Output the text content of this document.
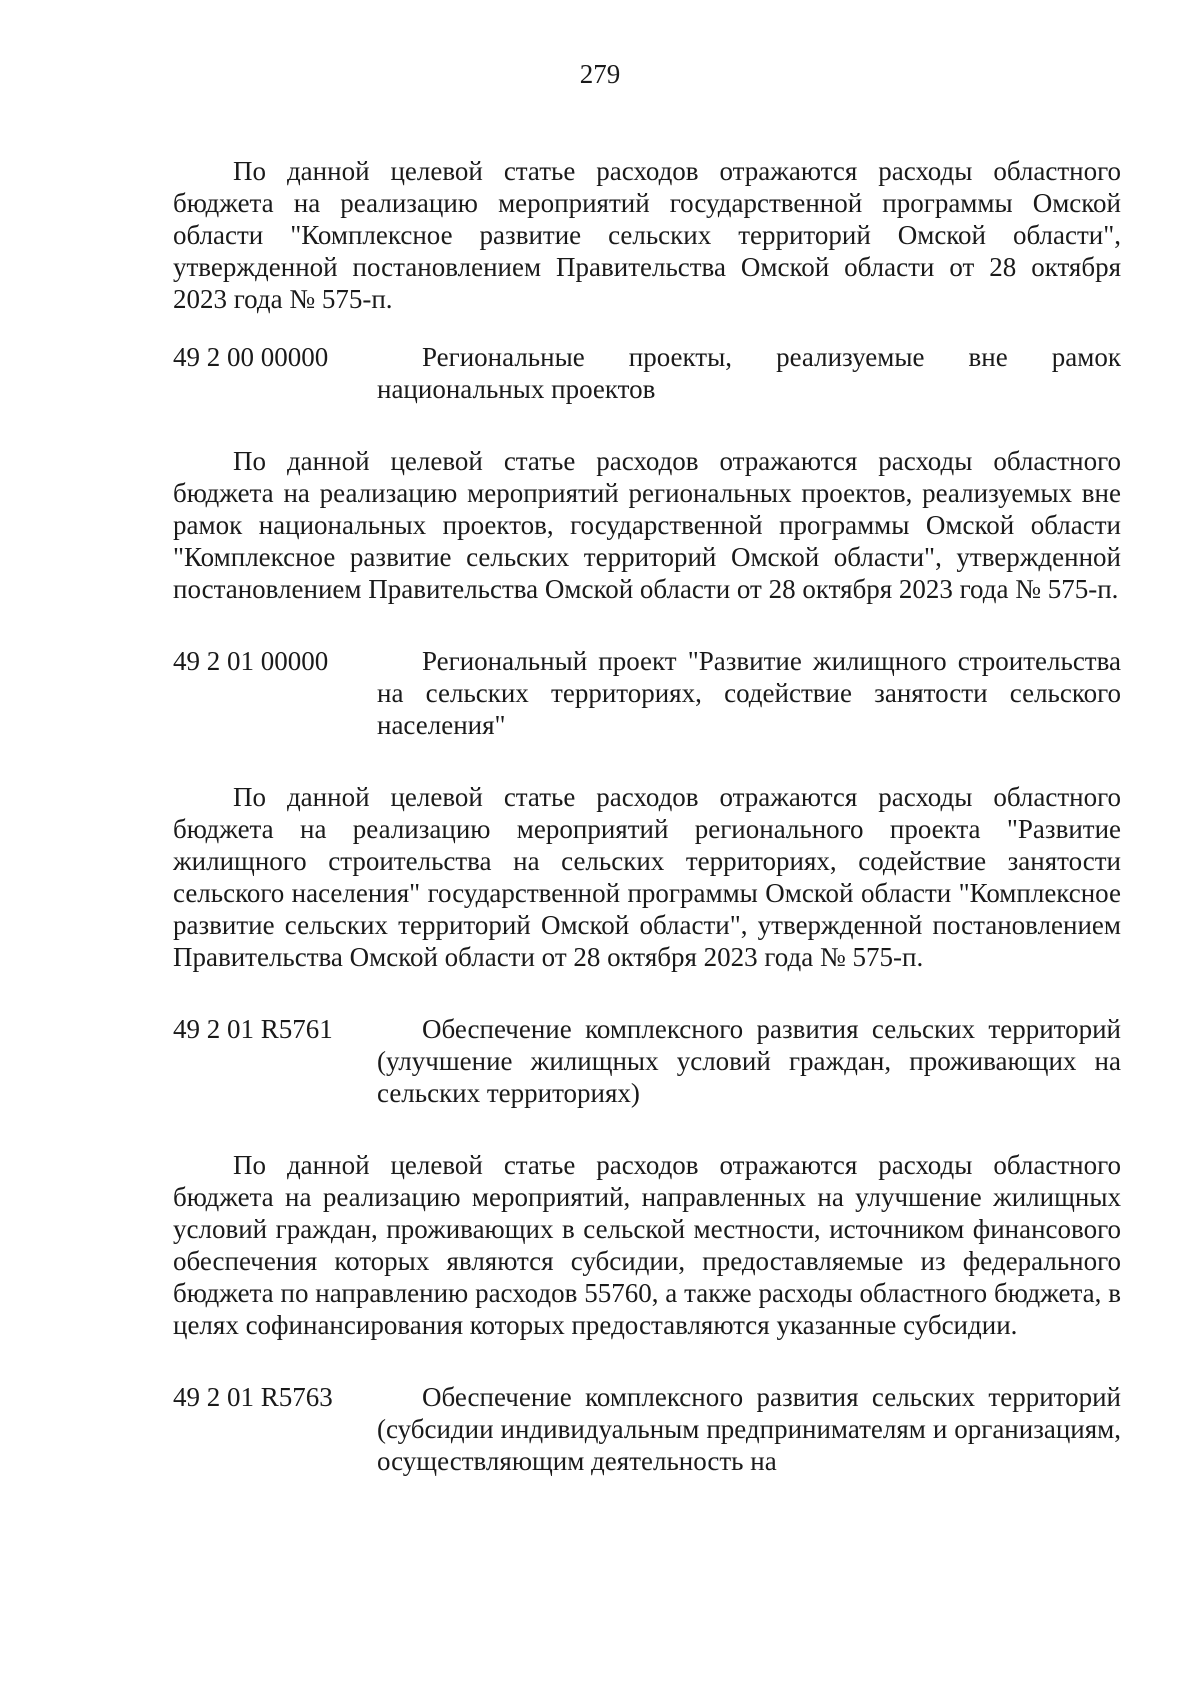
279

По данной целевой статье расходов отражаются расходы областного бюджета на реализацию мероприятий государственной программы Омской области "Комплексное развитие сельских территорий Омской области", утвержденной постановлением Правительства Омской области от 28 октября 2023 года № 575-п.

49 2 00 00000	Региональные проекты, реализуемые вне рамок национальных проектов

По данной целевой статье расходов отражаются расходы областного бюджета на реализацию мероприятий региональных проектов, реализуемых вне рамок национальных проектов, государственной программы Омской области "Комплексное развитие сельских территорий Омской области", утвержденной постановлением Правительства Омской области от 28 октября 2023 года № 575-п.

49 2 01 00000	Региональный проект "Развитие жилищного строительства на сельских территориях, содействие занятости сельского населения"

По данной целевой статье расходов отражаются расходы областного бюджета на реализацию мероприятий регионального проекта "Развитие жилищного строительства на сельских территориях, содействие занятости сельского населения" государственной программы Омской области "Комплексное развитие сельских территорий Омской области", утвержденной постановлением Правительства Омской области от 28 октября 2023 года № 575-п.

49 2 01 R5761	Обеспечение комплексного развития сельских территорий (улучшение жилищных условий граждан, проживающих на сельских территориях)

По данной целевой статье расходов отражаются расходы областного бюджета на реализацию мероприятий, направленных на улучшение жилищных условий граждан, проживающих в сельской местности, источником финансового обеспечения которых являются субсидии, предоставляемые из федерального бюджета по направлению расходов 55760, а также расходы областного бюджета, в целях софинансирования которых предоставляются указанные субсидии.

49 2 01 R5763	Обеспечение комплексного развития сельских территорий (субсидии индивидуальным предпринимателям и организациям, осуществляющим деятельность на
